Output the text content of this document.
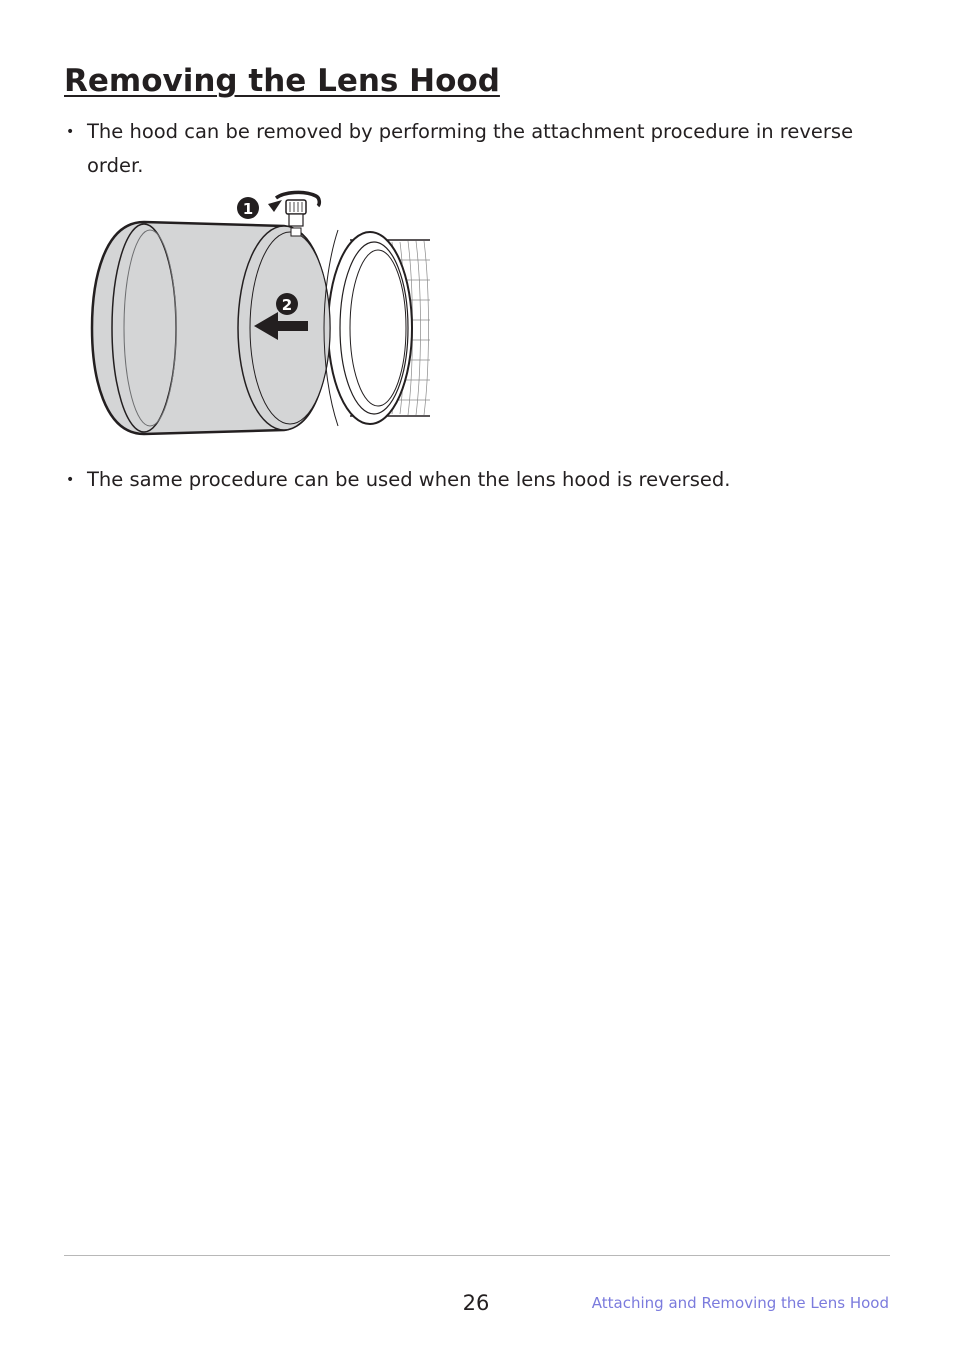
Removing the Lens Hood
• The hood can be removed by performing the attachment procedure in reverse order.
1
2
• The same procedure can be used when the lens hood is reversed.
26	Attaching and Removing the Lens Hood
